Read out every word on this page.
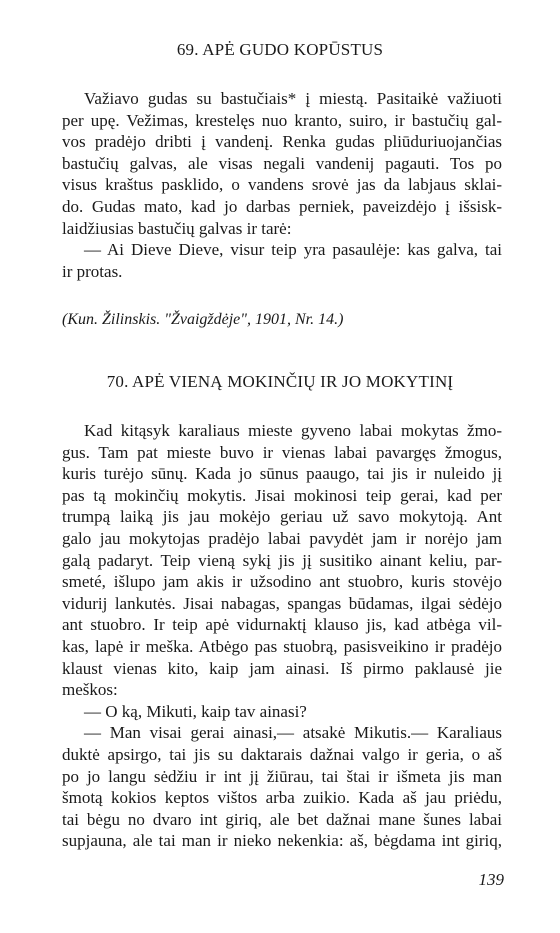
69. APĖ GUDO KOPŪSTUS
Važiavo gudas su bastučiais* į miestą. Pasitaikė važiuoti
per upę. Vežimas, krestelęs nuo kranto, suiro, ir bastučių gal-
vos pradėjo dribti į vandenį. Renka gudas pliūduriuojančias
bastučių galvas, ale visas negali vandenij pagauti. Tos po
visus kraštus pasklido, o vandens srovė jas da labjaus sklai-
do. Gudas mato, kad jo darbas perniek, paveizdėjo į išsisk-
laidžiusias bastučių galvas ir tarė:
— Ai Dieve Dieve, visur teip yra pasaulėje: kas galva, tai
ir protas.
(Kun. Žilinskis. "Žvaigždėje", 1901, Nr. 14.)
70. APĖ VIENĄ MOKINČIŲ IR JO MOKYTINĮ
Kad kitąsyk karaliaus mieste gyveno labai mokytas žmo-
gus. Tam pat mieste buvo ir vienas labai pavargęs žmogus,
kuris turėjo sūnų. Kada jo sūnus paaugo, tai jis ir nuleido jį
pas tą mokinčių mokytis. Jisai mokinosi teip gerai, kad per
trumpą laiką jis jau mokėjo geriau už savo mokytoją. Ant
galo jau mokytojas pradėjo labai pavydėt jam ir norėjo jam
galą padaryt. Teip vieną sykį jis jį susitiko ainant keliu, par-
smeté, išlupo jam akis ir užsodino ant stuobro, kuris stovėjo
vidurij lankutės. Jisai nabagas, spangas būdamas, ilgai sėdėjo
ant stuobro. Ir teip apė vidurnaktį klauso jis, kad atbėga vil-
kas, lapė ir meška. Atbėgo pas stuobrą, pasisveikino ir pradėjo
klaust vienas kito, kaip jam ainasi. Iš pirmo paklausė jie
meškos:
— O ką, Mikuti, kaip tav ainasi?
— Man visai gerai ainasi,— atsakė Mikutis.— Karaliaus
duktė apsirgo, tai jis su daktarais dažnai valgo ir geria, o aš
po jo langu sėdžiu ir int jį žiūrau, tai štai ir išmeta jis man
šmotą kokios keptos vištos arba zuikio. Kada aš jau priėdu,
tai bėgu no dvaro int giriq, ale bet dažnai mane šunes labai
supjauna, ale tai man ir nieko nekenkia: aš, bėgdama int giriq,
139
